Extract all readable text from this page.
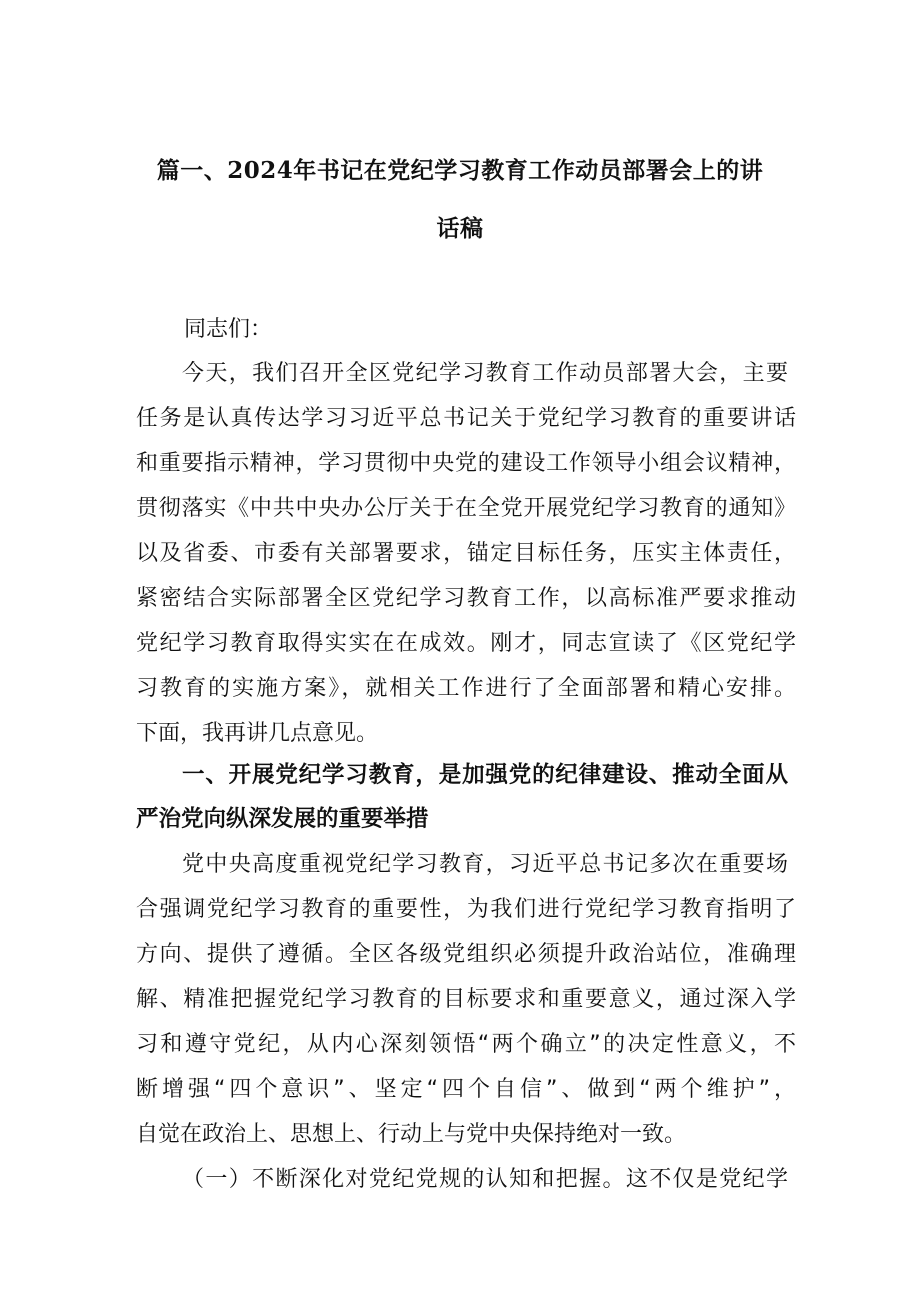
篇一、2024年书记在党纪学习教育工作动员部署会上的讲
话稿
同志们：
今天，我们召开全区党纪学习教育工作动员部署大会，主要
任务是认真传达学习习近平总书记关于党纪学习教育的重要讲话
和重要指示精神，学习贯彻中央党的建设工作领导小组会议精神，
贯彻落实《中共中央办公厅关于在全党开展党纪学习教育的通知》
以及省委、市委有关部署要求，锚定目标任务，压实主体责任，
紧密结合实际部署全区党纪学习教育工作，以高标准严要求推动
党纪学习教育取得实实在在成效。刚才，同志宣读了《区党纪学
习教育的实施方案》，就相关工作进行了全面部署和精心安排。
下面，我再讲几点意见。
一、开展党纪学习教育，是加强党的纪律建设、推动全面从
严治党向纵深发展的重要举措
党中央高度重视党纪学习教育，习近平总书记多次在重要场
合强调党纪学习教育的重要性，为我们进行党纪学习教育指明了
方向、提供了遵循。全区各级党组织必须提升政治站位，准确理
解、精准把握党纪学习教育的目标要求和重要意义，通过深入学
习和遵守党纪，从内心深刻领悟“两个确立”的决定性意义，不
断增强“四个意识”、坚定“四个自信”、做到“两个维护”，
自觉在政治上、思想上、行动上与党中央保持绝对一致。
（一）不断深化对党纪党规的认知和把握。这不仅是党纪学
